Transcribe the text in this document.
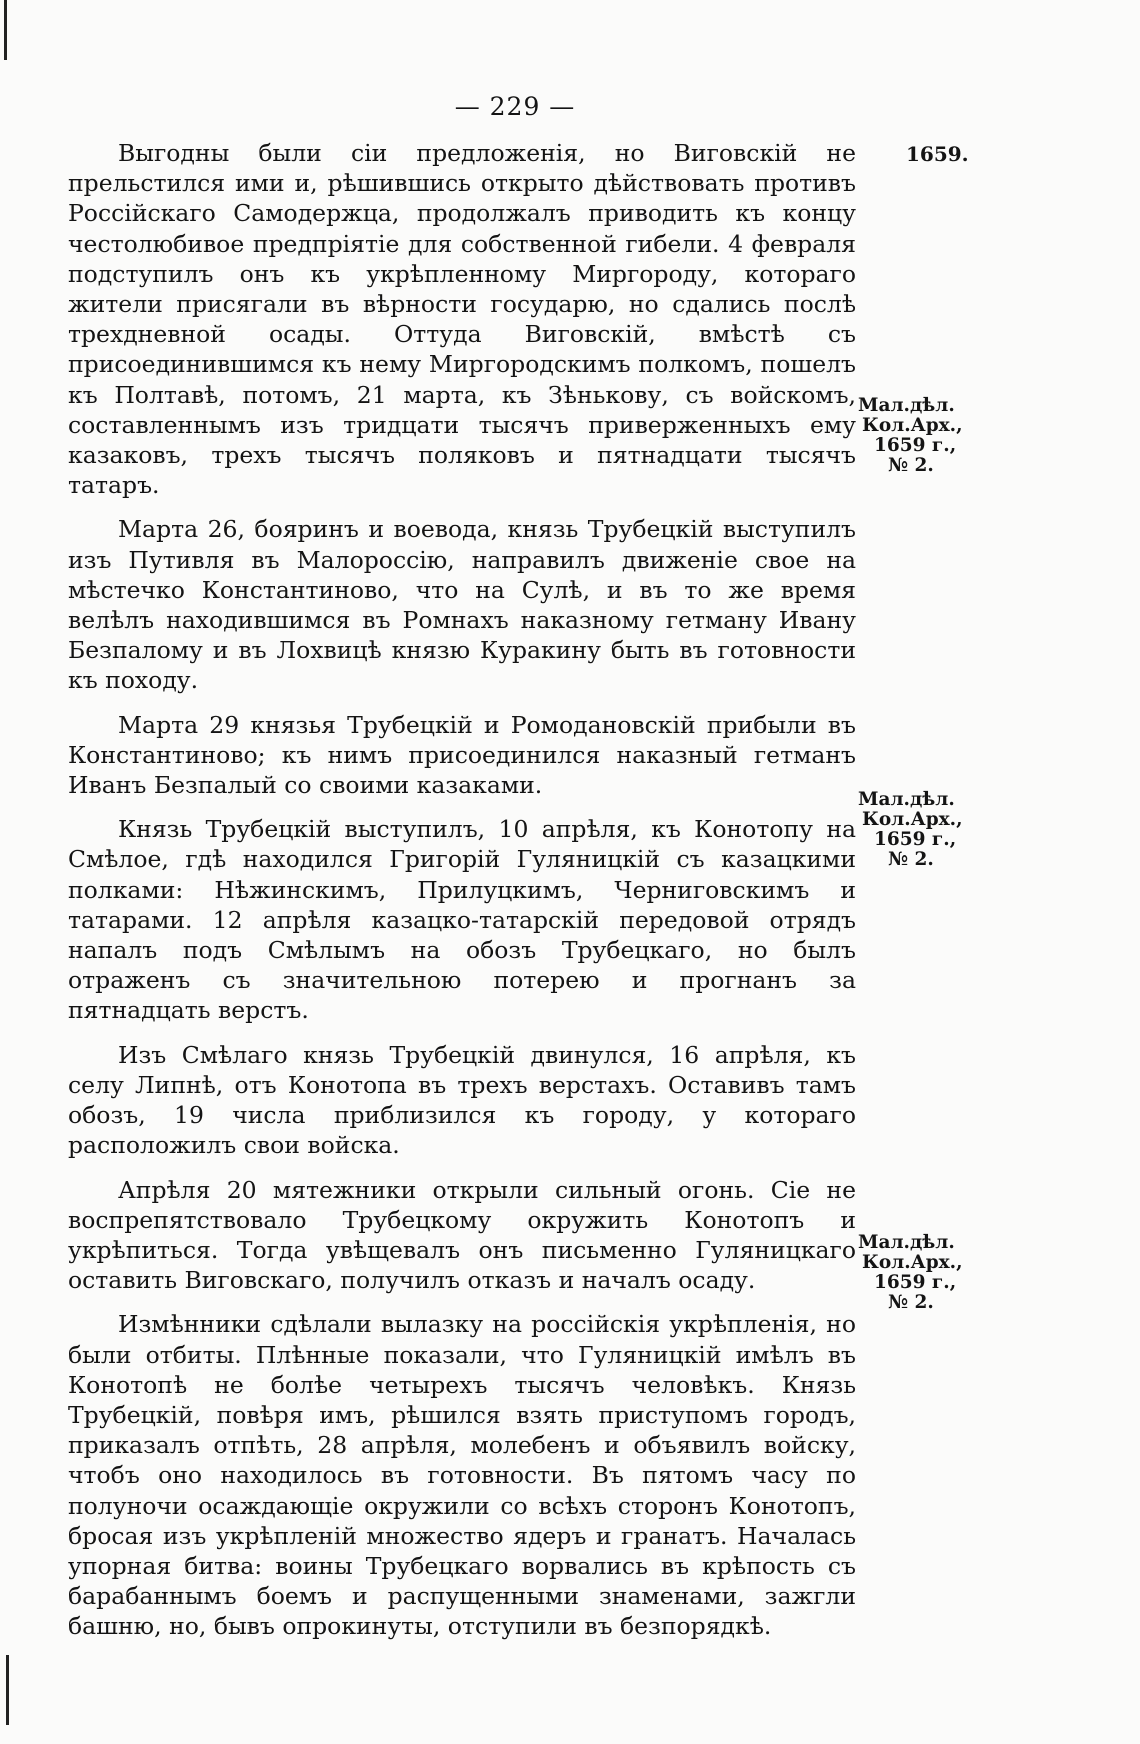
— 229 —
1659.

Выгодны были сіи предложенія, но Виговскій не прельстился ими и, рѣшившись открыто дѣйствовать противъ Россійскаго Самодержца, продолжалъ приводить къ концу честолюбивое предпріятіе для собственной гибели. 4 февраля подступилъ онъ къ укрѣпленному Миргороду, котораго жители присягали въ вѣрности государю, но сдались послѣ трехдневной осады. Оттуда Виговскій, вмѣстѣ съ присоединившимся къ нему Миргородскимъ полкомъ, пошелъ къ Полтавѣ, потомъ, 21 марта, къ Зѣнькову, съ войскомъ, составленнымъ изъ тридцати тысячъ приверженныхъ ему казаковъ, трехъ тысячъ поляковъ и пятнадцати тысячъ татаръ.

Марта 26, бояринъ и воевода, князь Трубецкій выступилъ изъ Путивля въ Малороссію, направилъ движеніе свое на мѣстечко Константиново, что на Сулѣ, и въ то же время велѣлъ находившимся въ Ромнахъ наказному гетману Ивану Безпалому и въ Лохвицѣ князю Куракину быть въ готовности къ походу.

Марта 29 князья Трубецкій и Ромодановскій прибыли въ Константиново; къ нимъ присоединился наказный гетманъ Иванъ Безпалый со своими казаками.

Князь Трубецкій выступилъ, 10 апрѣля, къ Конотопу на Смѣлое, гдѣ находился Григорій Гуляницкій съ казацкими полками: Нѣжинскимъ, Прилуцкимъ, Черниговскимъ и татарами. 12 апрѣля казацко-татарскій передовой отрядъ напалъ подъ Смѣлымъ на обозъ Трубецкаго, но былъ отраженъ съ значительною потерею и прогнанъ за пятнадцать верстъ.

Изъ Смѣлаго князь Трубецкій двинулся, 16 апрѣля, къ селу Липнѣ, отъ Конотопа въ трехъ верстахъ. Оставивъ тамъ обозъ, 19 числа приблизился къ городу, у котораго расположилъ свои войска.

Апрѣля 20 мятежники открыли сильный огонь. Сіе не воспрепятствовало Трубецкому окружить Конотопъ и укрѣпиться. Тогда увѣщевалъ онъ письменно Гуляницкаго оставить Виговскаго, получилъ отказъ и началъ осаду.

Измѣнники сдѣлали вылазку на россійскія укрѣпленія, но были отбиты. Плѣнные показали, что Гуляницкій имѣлъ въ Конотопѣ не болѣе четырехъ тысячъ человѣкъ. Князь Трубецкій, повѣря имъ, рѣшился взять приступомъ городъ, приказалъ отпѣть, 28 апрѣля, молебенъ и объявилъ войску, чтобъ оно находилось въ готовности. Въ пятомъ часу по полуночи осаждающіе окружили со всѣхъ сторонъ Конотопъ, бросая изъ укрѣпленій множество ядеръ и гранатъ. Началась упорная битва: воины Трубецкаго ворвались въ крѣпость съ барабаннымъ боемъ и распущенными знаменами, зажгли башню, но, бывъ опрокинуты, отступили въ безпорядкѣ.

Мал.дѣл.
Кол.Арх.,
1659 г.,
№ 2.
Мал.дѣл.
Кол.Арх.,
1659 г.,
№ 2.
Мал.дѣл.
Кол.Арх.,
1659 г.,
№ 2.
